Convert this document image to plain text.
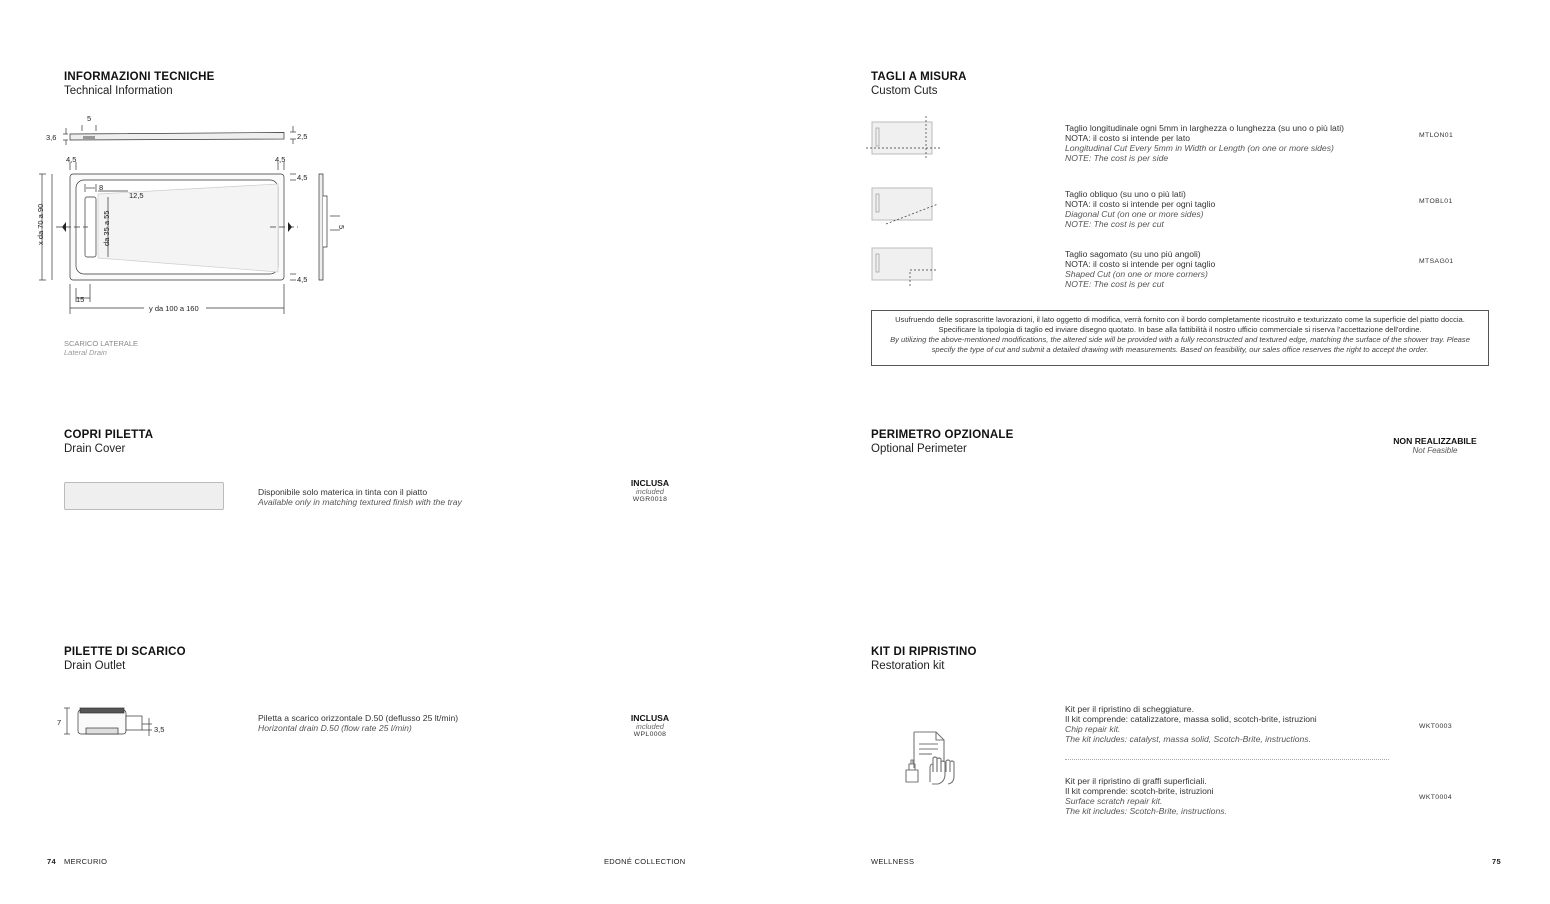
INFORMAZIONI TECNICHE
Technical Information
5
3,6	2,5
4,5	4,5
4,5
4,5
8
12,5
15
y da 100 a 160
x da 70 a 90	da 35 a 55	5
SCARICO LATERALE
Lateral Drain
COPRI PILETTA
Drain Cover
Disponibile solo materica in tinta con il piatto
Available only in matching textured finish with the tray
INCLUSA
included
WGR0018
PILETTE DI SCARICO
Drain Outlet
7
3,5
Piletta a scarico orizzontale D.50 (deflusso 25 lt/min)
Horizontal drain D.50 (flow rate 25 l/min)
INCLUSA
included
WPL0008
74 MERCURIO	EDONÉ COLLECTION
TAGLI A MISURA
Custom Cuts
Taglio longitudinale ogni 5mm in larghezza o lunghezza (su uno o più lati)
NOTA: il costo si intende per lato
Longitudinal Cut Every 5mm in Width or Length (on one or more sides)
NOTE: The cost is per side
MTLON01
Taglio obliquo (su uno o più lati)
NOTA: il costo si intende per ogni taglio
Diagonal Cut (on one or more sides)
NOTE: The cost is per cut
MTOBL01
Taglio sagomato (su uno più angoli)
NOTA: il costo si intende per ogni taglio
Shaped Cut (on one or more corners)
NOTE: The cost is per cut
MTSAG01
Usufruendo delle soprascritte lavorazioni, il lato oggetto di modifica, verrà fornito con il bordo completamente ricostruito e texturizzato come la superficie del piatto doccia. Specificare la tipologia di taglio ed inviare disegno quotato. In base alla fattibilità il nostro ufficio commerciale si riserva l'accettazione dell'ordine.
By utilizing the above-mentioned modifications, the altered side will be provided with a fully reconstructed and textured edge, matching the surface of the shower tray. Please specify the type of cut and submit a detailed drawing with measurements. Based on feasibility, our sales office reserves the right to accept the order.
PERIMETRO OPZIONALE
Optional Perimeter
NON REALIZZABILE
Not Feasible
KIT DI RIPRISTINO
Restoration kit
Kit per il ripristino di scheggiature.
Il kit comprende: catalizzatore, massa solid, scotch-brite, istruzioni
Chip repair kit.
The kit includes: catalyst, massa solid, Scotch-Brite, instructions.
WKT0003
Kit per il ripristino di graffi superficiali.
Il kit comprende: scotch-brite, istruzioni
Surface scratch repair kit.
The kit includes: Scotch-Brite, instructions.
WKT0004
WELLNESS	75
